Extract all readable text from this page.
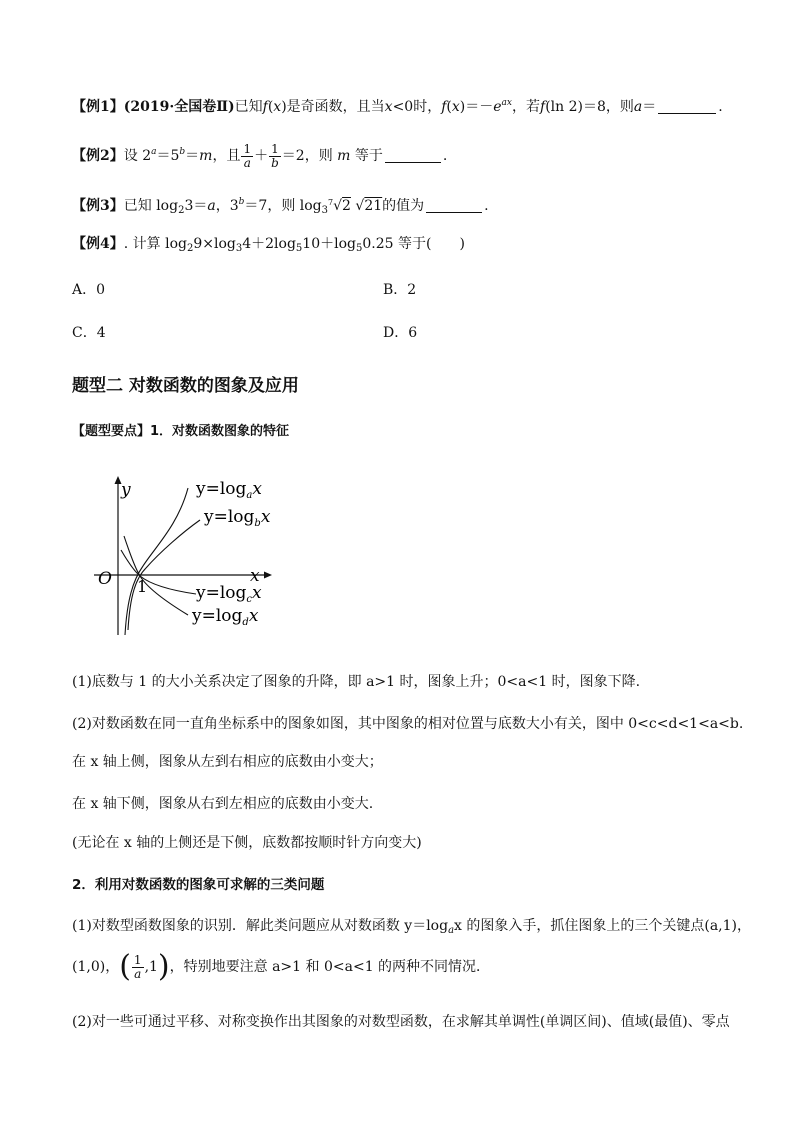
【例1】(2019·全国卷Ⅱ)已知f(x)是奇函数，且当x<0时，$f(x)=-e^{ax}$，若f(ln 2)＝8，则a＝	.
【例2】设 $2^a=5^b=m$，且 $\frac{1}{a} + \frac{1}{b} =2$，则 m 等于	.
【例3】已知 $\log_23=a$，$3^b=7$，则 $\log_3^7√2$ √21的值为	.
【例4】. 计算 $\log_29\times\log_34+2\log_510+\log_50.25$ 等于(　　)
A．0	B．2
C．4	D．6
题型二 对数函数的图象及应用
【题型要点】1．对数函数图象的特征
y
x
O 1
$y=\log_ax$
$y=\log_bx$
$y=\log_cx$
$y=\log_dx$
(1)底数与 1 的大小关系决定了图象的升降，即 a>1 时，图象上升；0<a<1 时，图象下降.
(2)对数函数在同一直角坐标系中的图象如图，其中图象的相对位置与底数大小有关，图中 0<c<d<1<a<b.
在 x 轴上侧，图象从左到右相应的底数由小变大；
在 x 轴下侧，图象从右到左相应的底数由小变大.
(无论在 x 轴的上侧还是下侧，底数都按顺时针方向变大)
2．利用对数函数的图象可求解的三类问题
(1)对数型函数图象的识别．解此类问题应从对数函数 $y=\log_ax$ 的图象入手，抓住图象上的三个关键点(a,1)，
(1,0)，( $\frac{1}{a} ,1$)，特别地要注意 a>1 和 0<a<1 的两种不同情况．
(2)对一些可通过平移、对称变换作出其图象的对数型函数，在求解其单调性(单调区间)、值域(最值)、零点
